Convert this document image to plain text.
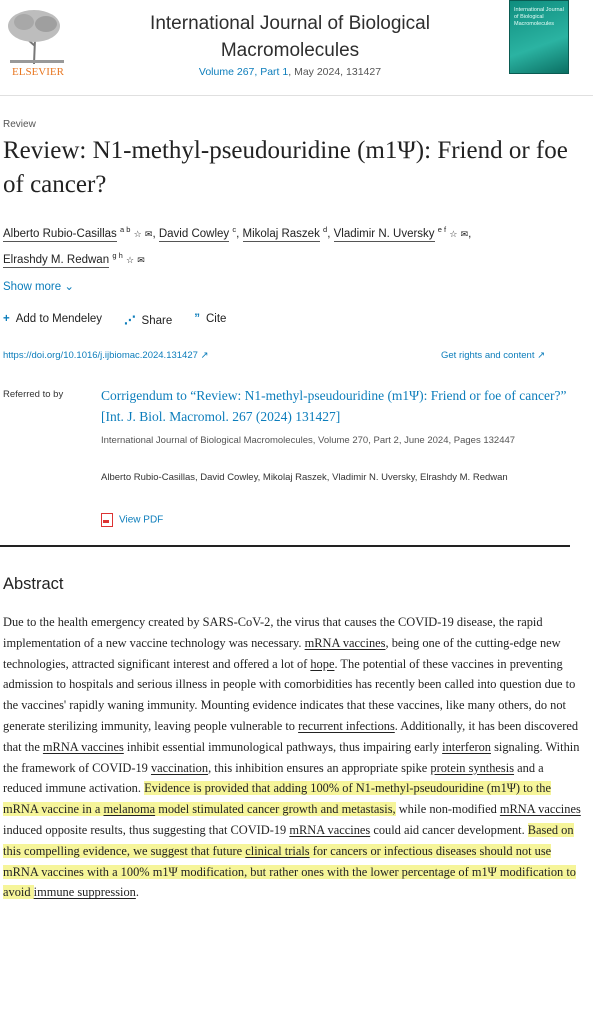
ELSEVIER
International Journal of Biological Macromolecules
Volume 267, Part 1, May 2024, 131427
International Journal of Biological Macromolecules
Review
Review: N1-methyl-pseudouridine (m1Ψ): Friend or foe of cancer?
Alberto Rubio-Casillas $^{a b}$ ☆ ✉, David Cowley $^c$, Mikolaj Raszek $^d$, Vladimir N. Uversky $^{e f}$ ☆ ✉,
Elrashdy M. Redwan $^{g h}$ ☆ ✉
Show more ⌄
+ Add to Mendeley ⋰ Share ” Cite
https://doi.org/10.1016/j.ijbiomac.2024.131427 ↗	Get rights and content ↗
Referred to by	Corrigendum to “Review: N1-methyl-pseudouridine (m1Ψ): Friend or foe of cancer?” [Int. J. Biol. Macromol. 267 (2024) 131427]
International Journal of Biological Macromolecules, Volume 270, Part 2, June 2024, Pages 132447
Alberto Rubio-Casillas, David Cowley, Mikolaj Raszek, Vladimir N. Uversky, Elrashdy M. Redwan
View PDF
Abstract
Due to the health emergency created by SARS-CoV-2, the virus that causes the COVID-19 disease, the rapid implementation of a new vaccine technology was necessary. mRNA vaccines, being one of the cutting-edge new technologies, attracted significant interest and offered a lot of hope. The potential of these vaccines in preventing admission to hospitals and serious illness in people with comorbidities has recently been called into question due to the vaccines' rapidly waning immunity. Mounting evidence indicates that these vaccines, like many others, do not generate sterilizing immunity, leaving people vulnerable to recurrent infections. Additionally, it has been discovered that the mRNA vaccines inhibit essential immunological pathways, thus impairing early interferon signaling. Within the framework of COVID-19 vaccination, this inhibition ensures an appropriate spike protein synthesis and a reduced immune activation. Evidence is provided that adding 100% of N1-methyl-pseudouridine (m1Ψ) to the mRNA vaccine in a melanoma model stimulated cancer growth and metastasis, while non-modified mRNA vaccines induced opposite results, thus suggesting that COVID-19 mRNA vaccines could aid cancer development. Based on this compelling evidence, we suggest that future clinical trials for cancers or infectious diseases should not use mRNA vaccines with a 100% m1Ψ modification, but rather ones with the lower percentage of m1Ψ modification to avoid immune suppression.
